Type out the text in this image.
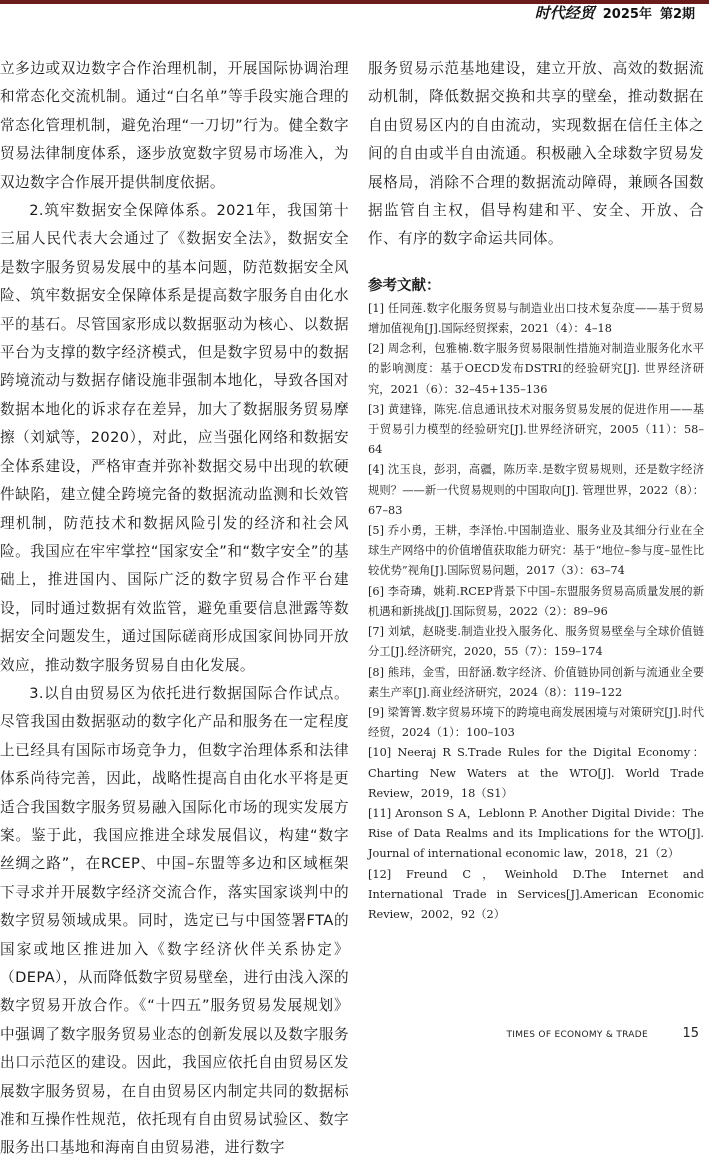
时代经贸 2025年 第2期

立多边或双边数字合作治理机制，开展国际协调治理和常态化交流机制。通过“白名单”等手段实施合理的常态化管理机制，避免治理“一刀切”行为。健全数字贸易法律制度体系，逐步放宽数字贸易市场准入，为双边数字合作展开提供制度依据。

2.筑牢数据安全保障体系。2021年，我国第十三届人民代表大会通过了《数据安全法》，数据安全是数字服务贸易发展中的基本问题，防范数据安全风险、筑牢数据安全保障体系是提高数字服务自由化水平的基石。尽管国家形成以数据驱动为核心、以数据平台为支撑的数字经济模式，但是数字贸易中的数据跨境流动与数据存储设施非强制本地化，导致各国对数据本地化的诉求存在差异，加大了数据服务贸易摩擦（刘斌等，2020），对此，应当强化网络和数据安全体系建设，严格审查并弥补数据交易中出现的软硬件缺陷，建立健全跨境完备的数据流动监测和长效管理机制，防范技术和数据风险引发的经济和社会风险。我国应在牢牢掌控“国家安全”和“数字安全”的基础上，推进国内、国际广泛的数字贸易合作平台建设，同时通过数据有效监管，避免重要信息泄露等数据安全问题发生，通过国际磋商形成国家间协同开放效应，推动数字服务贸易自由化发展。

3.以自由贸易区为依托进行数据国际合作试点。尽管我国由数据驱动的数字化产品和服务在一定程度上已经具有国际市场竞争力，但数字治理体系和法律体系尚待完善，因此，战略性提高自由化水平将是更适合我国数字服务贸易融入国际化市场的现实发展方案。鉴于此，我国应推进全球发展倡议，构建“数字丝绸之路”，在RCEP、中国–东盟等多边和区域框架下寻求并开展数字经济交流合作，落实国家谈判中的数字贸易领域成果。同时，选定已与中国签署FTA的国家或地区推进加入《数字经济伙伴关系协定》（DEPA），从而降低数字贸易壁垒，进行由浅入深的数字贸易开放合作。《“十四五”服务贸易发展规划》中强调了数字服务贸易业态的创新发展以及数字服务出口示范区的建设。因此，我国应依托自由贸易区发展数字服务贸易，在自由贸易区内制定共同的数据标准和互操作性规范，依托现有自由贸易试验区、数字服务出口基地和海南自由贸易港，进行数字

服务贸易示范基地建设，建立开放、高效的数据流动机制，降低数据交换和共享的壁垒，推动数据在自由贸易区内的自由流动，实现数据在信任主体之间的自由或半自由流通。积极融入全球数字贸易发展格局，消除不合理的数据流动障碍，兼顾各国数据监管自主权，倡导构建和平、安全、开放、合作、有序的数字命运共同体。

参考文献：

[1] 任同莲.数字化服务贸易与制造业出口技术复杂度——基于贸易增加值视角[J].国际经贸探索，2021（4）：4–18

[2] 周念利，包雅楠.数字服务贸易限制性措施对制造业服务化水平的影响测度：基于OECD发布DSTRI的经验研究[J]. 世界经济研究，2021（6）：32–45+135–136

[3] 黄建锋，陈宪.信息通讯技术对服务贸易发展的促进作用——基于贸易引力模型的经验研究[J].世界经济研究，2005（11）：58–64

[4] 沈玉良，彭羽，高疆，陈历幸.是数字贸易规则，还是数字经济规则？——新一代贸易规则的中国取向[J]. 管理世界，2022（8）：67–83

[5] 乔小勇，王耕，李泽怡.中国制造业、服务业及其细分行业在全球生产网络中的价值增值获取能力研究：基于“地位–参与度–显性比较优势”视角[J].国际贸易问题，2017（3）：63–74

[6] 李奇璘，姚莉.RCEP背景下中国–东盟服务贸易高质量发展的新机遇和新挑战[J].国际贸易，2022（2）：89–96

[7] 刘斌，赵晓斐.制造业投入服务化、服务贸易壁垒与全球价值链分工[J].经济研究，2020，55（7）：159–174

[8] 熊玮，金雪，田舒涵.数字经济、价值链协同创新与流通业全要素生产率[J].商业经济研究，2024（8）：119–122

[9] 梁箐箐.数字贸易环境下的跨境电商发展困境与对策研究[J].时代经贸，2024（1）：100–103

[10] Neeraj R S.Trade Rules for the Digital Economy：Charting New Waters at the WTO[J]. World Trade Review，2019，18（S1）

[11] Aronson S A，Leblonn P. Another Digital Divide：The Rise of Data Realms and its Implications for the WTO[J]. Journal of international economic law，2018，21（2）

[12] Freund C，Weinhold D.The Internet and International Trade in Services[J].American Economic Review，2002，92（2）

TIMES OF ECONOMY & TRADE	15
